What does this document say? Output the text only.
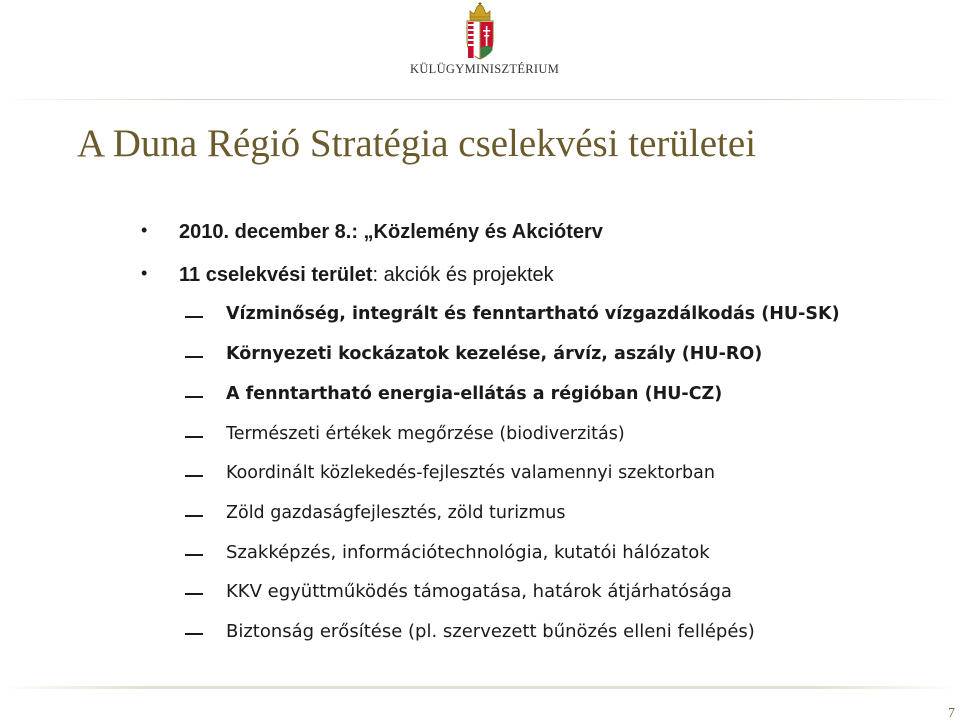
KÜLÜGYMINISZTÉRIUM
A Duna Régió Stratégia cselekvési területei
• 2010. december 8.: „Közlemény és Akcióterv
• 11 cselekvési terület: akciók és projektek
Vízminőség, integrált és fenntartható vízgazdálkodás (HU-SK)
Környezeti kockázatok kezelése, árvíz, aszály (HU-RO)
A fenntartható energia-ellátás a régióban (HU-CZ)
Természeti értékek megőrzése (biodiverzitás)
Koordinált közlekedés-fejlesztés valamennyi szektorban
Zöld gazdaságfejlesztés, zöld turizmus
Szakképzés, információtechnológia, kutatói hálózatok
KKV együttműködés támogatása, határok átjárhatósága
Biztonság erősítése (pl. szervezett bűnözés elleni fellépés)
7
